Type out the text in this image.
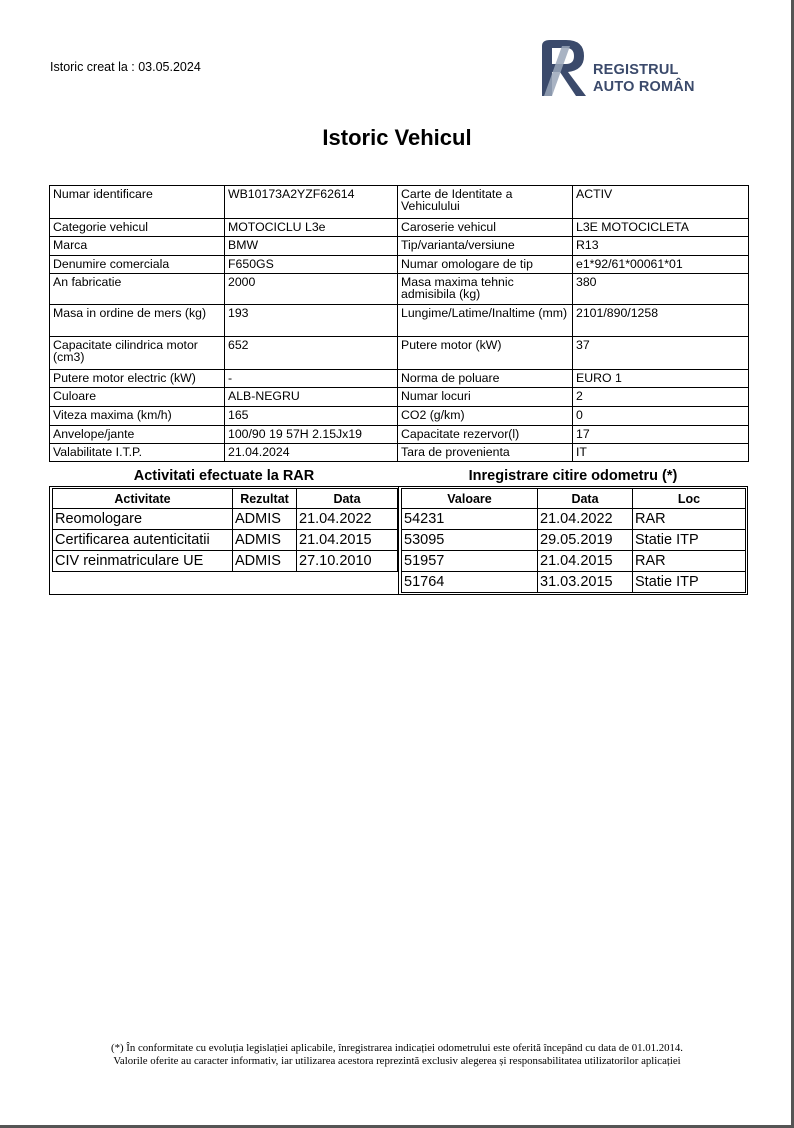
Istoric creat la : 03.05.2024	REGISTRUL
AUTO ROMÂN
Istoric Vehicul
Numar identificare	WB10173A2YZF62614	Carte de Identitate a Vehiculului	ACTIV
Categorie vehicul	MOTOCICLU L3e	Caroserie vehicul	L3E MOTOCICLETA
Marca	BMW	Tip/varianta/versiune	R13
Denumire comerciala	F650GS	Numar omologare de tip	e1*92/61*00061*01
An fabricatie	2000	Masa maxima tehnic admisibila (kg)	380
Masa in ordine de mers (kg)	193	Lungime/Latime/Inaltime (mm)	2101/890/1258
Capacitate cilindrica motor (cm3)	652	Putere motor (kW)	37
Putere motor electric (kW)	-	Norma de poluare	EURO 1
Culoare	ALB-NEGRU	Numar locuri	2
Viteza maxima (km/h)	165	CO2 (g/km)	0
Anvelope/jante	100/90 19 57H 2.15Jx19	Capacitate rezervor(l)	17
Valabilitate I.T.P.	21.04.2024	Tara de provenienta	IT
Activitati efectuate la RAR	Inregistrare citire odometru (*)
Activitate	Rezultat	Data
Reomologare	ADMIS	21.04.2022
Certificarea autenticitatii	ADMIS	21.04.2015
CIV reinmatriculare UE	ADMIS	27.10.2010
Valoare	Data	Loc
54231	21.04.2022	RAR
53095	29.05.2019	Statie ITP
51957	21.04.2015	RAR
51764	31.03.2015	Statie ITP
(*) În conformitate cu evoluția legislației aplicabile, înregistrarea indicației odometrului este oferită începând cu data de 01.01.2014.
Valorile oferite au caracter informativ, iar utilizarea acestora reprezintă exclusiv alegerea și responsabilitatea utilizatorilor aplicației
